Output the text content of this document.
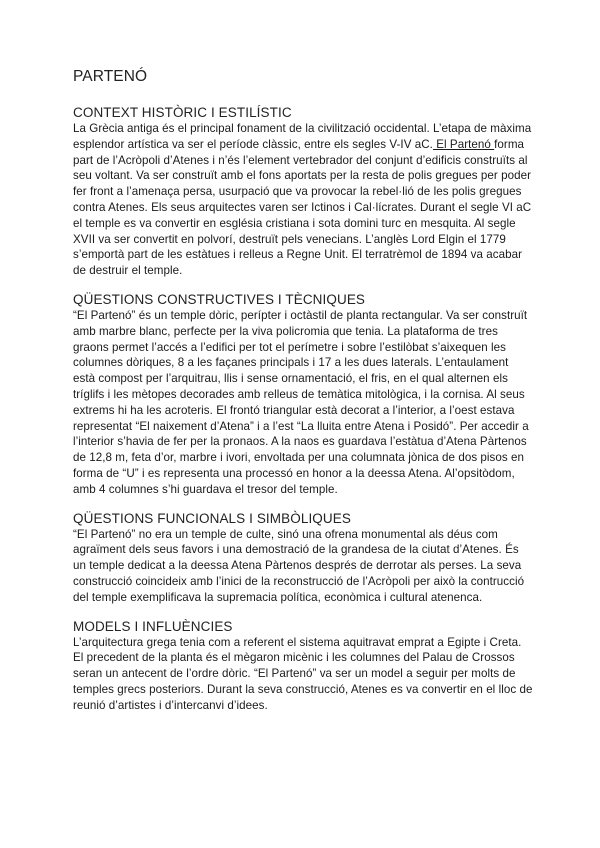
PARTENÓ
CONTEXT HISTÒRIC I ESTILÍSTIC

La Grècia antiga és el principal fonament de la civilització occidental. L’etapa de màxima esplendor artística va ser el període clàssic, entre els segles V-IV aC. El Partenó forma part de l’Acròpoli d’Atenes i n’és l’element vertebrador del conjunt d’edificis construïts al seu voltant. Va ser construït amb el fons aportats per la resta de polis gregues per poder fer front a l’amenaça persa, usurpació que va provocar la rebel·lió de les polis gregues contra Atenes. Els seus arquitectes varen ser Ictinos i Cal·lícrates. Durant el segle VI aC el temple es va convertir en església cristiana i sota domini turc en mesquita. Al segle XVII va ser convertit en polvorí, destruït pels venecians. L’anglès Lord Elgin el 1779 s’emportà part de les estàtues i relleus a Regne Unit. El terratrèmol de 1894 va acabar de destruir el temple.

QÜESTIONS CONSTRUCTIVES I TÈCNIQUES

“El Partenó” és un temple dòric, perípter i octàstil de planta rectangular. Va ser construït amb marbre blanc, perfecte per la viva policromia que tenia. La plataforma de tres graons permet l’accés a l’edifici per tot el perímetre i sobre l’estilòbat s’aixequen les columnes dòriques, 8 a les façanes principals i 17 a les dues laterals. L’entaulament està compost per l’arquitrau, llis i sense ornamentació, el fris, en el qual alternen els tríglifs i les mètopes decorades amb relleus de temàtica mitològica, i la cornisa. Al seus extrems hi ha les acroteris. El frontó triangular està decorat a l’interior, a l’oest estava representat “El naixement d’Atena” i a l’est “La lluita entre Atena i Posidó”. Per accedir a l’interior s’havia de fer per la pronaos. A la naos es guardava l’estàtua d’Atena Pàrtenos de 12,8 m, feta d’or, marbre i ivori, envoltada per una columnata jònica de dos pisos en forma de “U” i es representa una processó en honor a la deessa Atena. Al’opsitòdom, amb 4 columnes s’hi guardava el tresor del temple.

QÜESTIONS FUNCIONALS I SIMBÒLIQUES

“El Partenó” no era un temple de culte, sinó una ofrena monumental als déus com agraïment dels seus favors i una demostració de la grandesa de la ciutat d’Atenes. És un temple dedicat a la deessa Atena Pàrtenos després de derrotar als perses. La seva construcció coincideix amb l’inici de la reconstrucció de l’Acròpoli per això la contrucció del temple exemplificava la supremacia política, econòmica i cultural atenenca.

MODELS I INFLUÈNCIES

L’arquitectura grega tenia com a referent el sistema aquitravat emprat a Egipte i Creta. El precedent de la planta és el mègaron micènic i les columnes del Palau de Crossos seran un antecent de l’ordre dòric. “El Partenó” va ser un model a seguir per molts de temples grecs posteriors. Durant la seva construcció, Atenes es va convertir en el lloc de reunió d’artistes i d’intercanvi d’idees.
